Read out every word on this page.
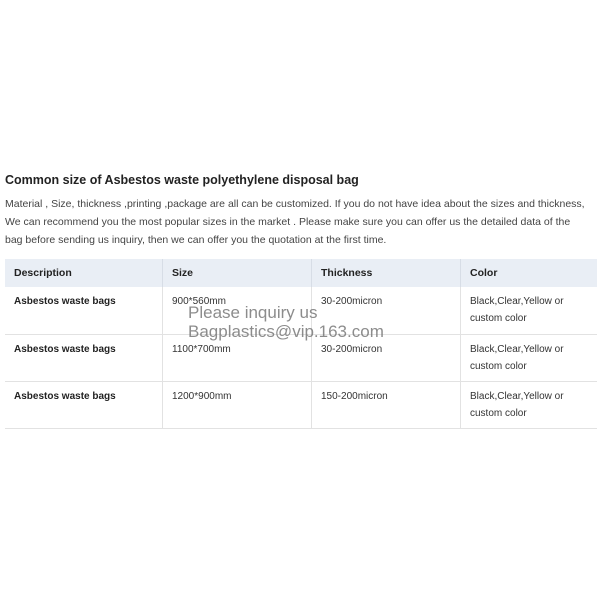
Common size of Asbestos waste polyethylene disposal bag
Material , Size, thickness ,printing ,package are all can be customized. If you do not have idea about the sizes and thickness,
We can recommend you the most popular sizes in the market . Please make sure you can offer us the detailed data of the
bag before sending us inquiry, then we can offer you the quotation at the first time.
Description	Size	Thickness	Color
Asbestos waste bags	900*560mm	30-200micron	Black,Clear,Yellow or custom color
Asbestos waste bags	1100*700mm	30-200micron	Black,Clear,Yellow or custom color
Asbestos waste bags	1200*900mm	150-200micron	Black,Clear,Yellow or custom color
Please inquiry us
Bagplastics@vip.163.com
